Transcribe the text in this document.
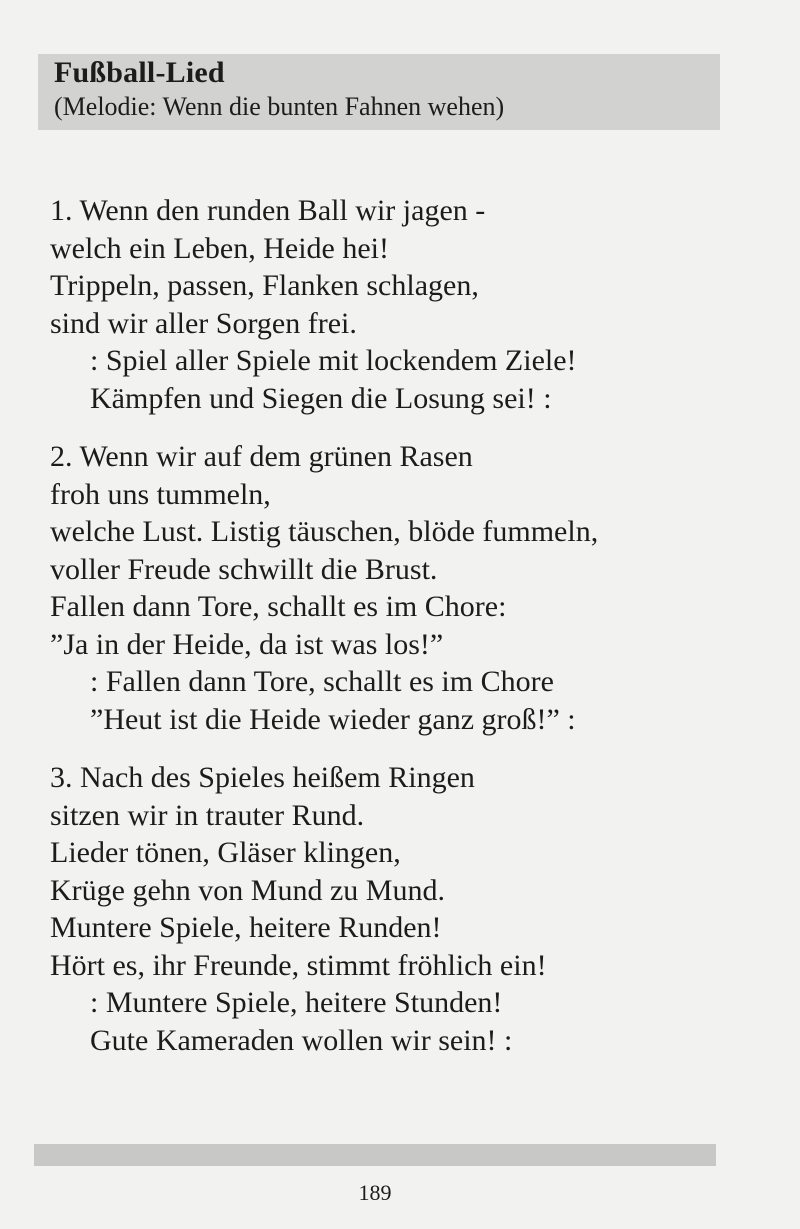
Fußball-Lied
(Melodie: Wenn die bunten Fahnen wehen)
1. Wenn den runden Ball wir jagen -
welch ein Leben, Heide hei!
Trippeln, passen, Flanken schlagen,
sind wir aller Sorgen frei.
: Spiel aller Spiele mit lockendem Ziele!
Kämpfen und Siegen die Losung sei! :
2. Wenn wir auf dem grünen Rasen
froh uns tummeln,
welche Lust. Listig täuschen, blöde fummeln,
voller Freude schwillt die Brust.
Fallen dann Tore, schallt es im Chore:
”Ja in der Heide, da ist was los!”
: Fallen dann Tore, schallt es im Chore
”Heut ist die Heide wieder ganz groß!” :
3. Nach des Spieles heißem Ringen
sitzen wir in trauter Rund.
Lieder tönen, Gläser klingen,
Krüge gehn von Mund zu Mund.
Muntere Spiele, heitere Runden!
Hört es, ihr Freunde, stimmt fröhlich ein!
: Muntere Spiele, heitere Stunden!
Gute Kameraden wollen wir sein! :
189
